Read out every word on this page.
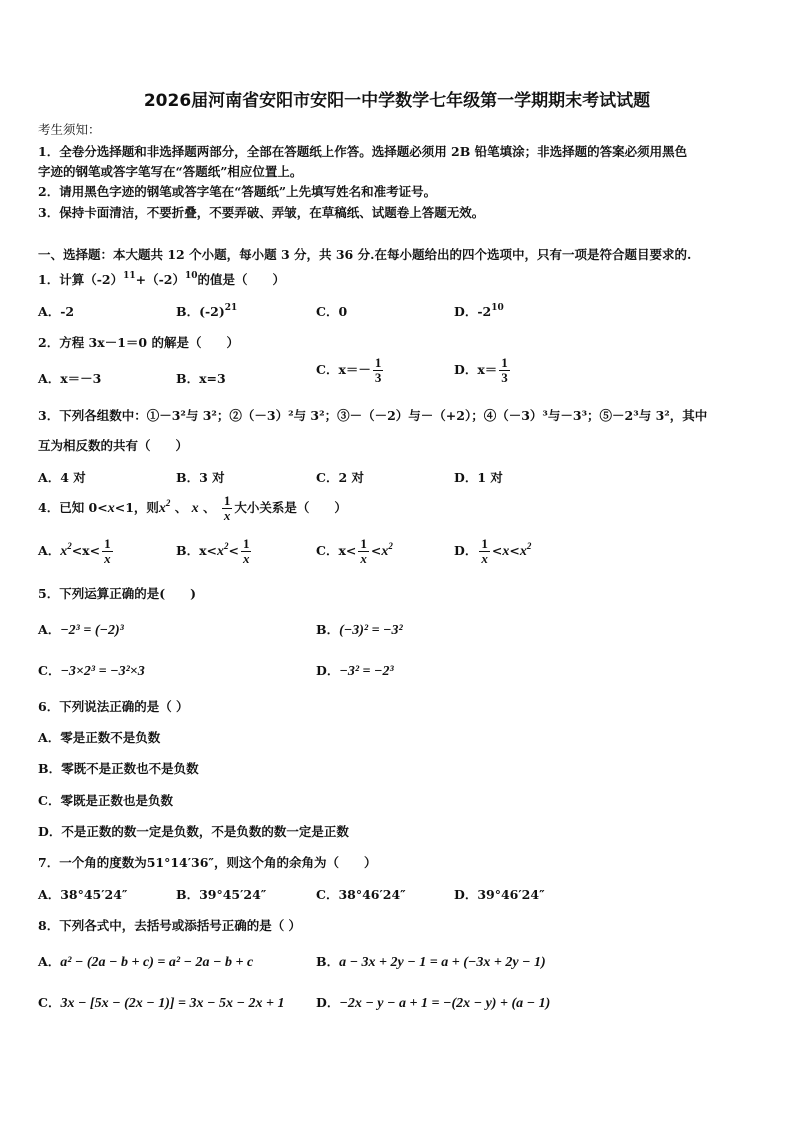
2026届河南省安阳市安阳一中学数学七年级第一学期期末考试试题
考生须知：
1．全卷分选择题和非选择题两部分，全部在答题纸上作答。选择题必须用 2B 铅笔填涂；非选择题的答案必须用黑色
字迹的钢笔或答字笔写在“答题纸”相应位置上。
2．请用黑色字迹的钢笔或答字笔在“答题纸”上先填写姓名和准考证号。
3．保持卡面清洁，不要折叠，不要弄破、弄皱，在草稿纸、试题卷上答题无效。
一、选择题：本大题共 12 个小题，每小题 3 分，共 36 分.在每小题给出的四个选项中，只有一项是符合题目要求的.
1．计算$(-2)^{11}+(-2)^{10}$的值是（　　）
A．-2	B．$(-2)^{21}$	C．0	D．$-2^{10}$
2．方程 3x－1＝0 的解是（　　）
A．x＝－3	B．x=3
C．$x=- \frac{1}{3}$	D．$x= \frac{1}{3}$
3．下列各组数中：①－3²与 3²；②（－3）²与 3²；③－（－2）与－（+2）；④（－3）³与－3³；⑤－2³与 3²，其中
互为相反数的共有（　　）
A．4 对	B．3 对	C．2 对	D．1 对
4．已知 0<x<1，则$x^2$ 、 x 、 $\frac{1}{x}$ 大小关系是（　　）
A．$x^2<x< \frac{1}{x}$	B．$x<x^2< \frac{1}{x}$	C．$x< \frac{1}{x} <x^2$	D． $\frac{1}{x} <x<x^2$
5．下列运算正确的是(　　)
A．−2³ = (−2)³	B．(−3)² = −3²
C．−3×2³ = −3²×3	D．−3² = −2³
6．下列说法正确的是（ ）
A．零是正数不是负数
B．零既不是正数也不是负数
C．零既是正数也是负数
D．不是正数的数一定是负数，不是负数的数一定是正数
7．一个角的度数为51°14′36″，则这个角的余角为（　　）
A．38°45′24″	B．39°45′24″	C．38°46′24″	D．39°46′24″
8．下列各式中，去括号或添括号正确的是（ ）
A．a² − (2a − b + c) = a² − 2a − b + c	B．a − 3x + 2y − 1 = a + (−3x + 2y − 1)
C．3x − [5x − (2x − 1)] = 3x − 5x − 2x + 1	D．−2x − y − a + 1 = −(2x − y) + (a − 1)
